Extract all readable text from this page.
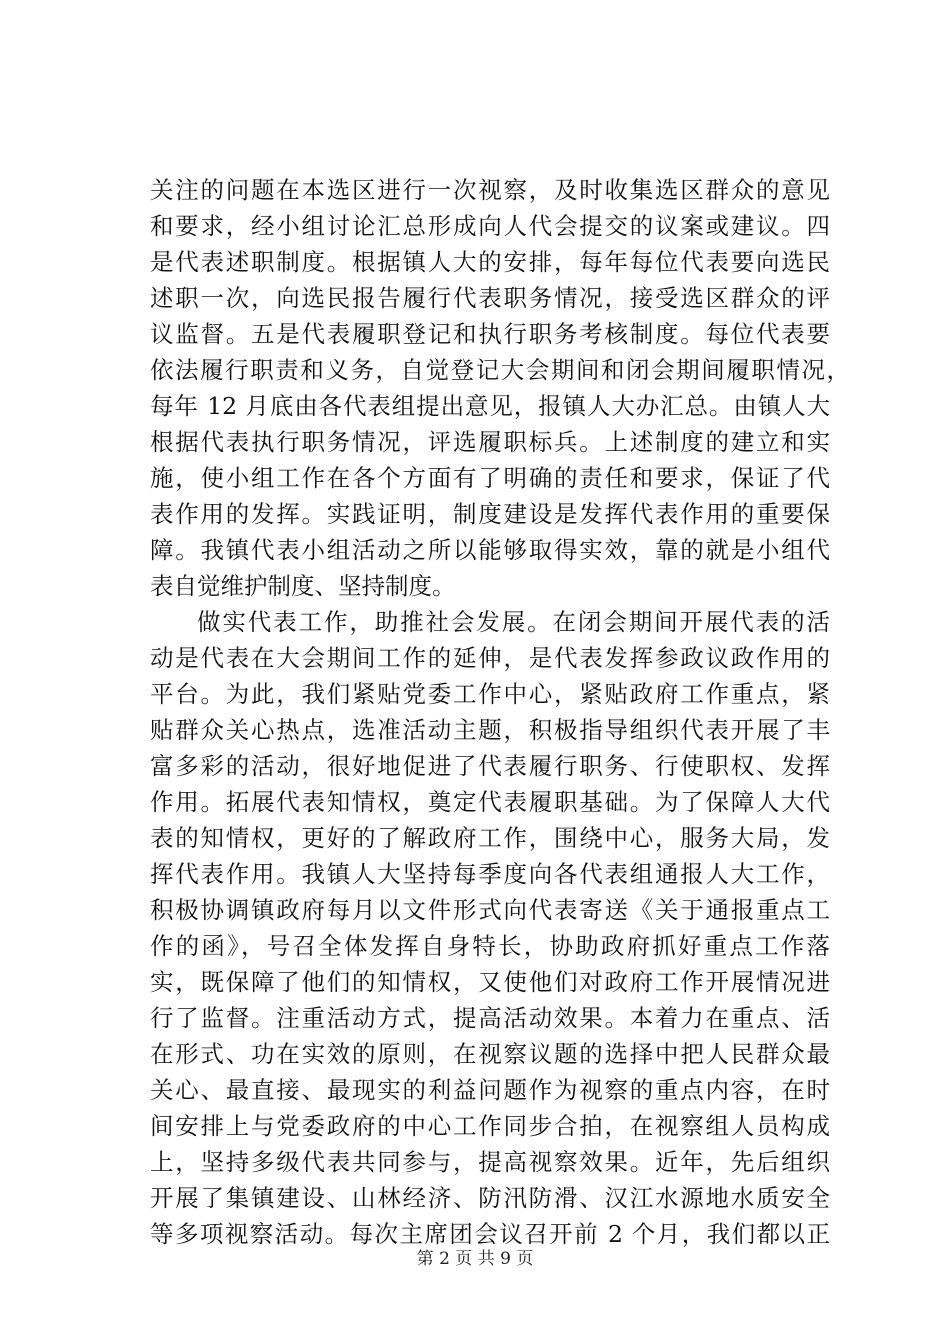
关注的问题在本选区进行一次视察，及时收集选区群众的意见
和要求，经小组讨论汇总形成向人代会提交的议案或建议。四
是代表述职制度。根据镇人大的安排，每年每位代表要向选民
述职一次，向选民报告履行代表职务情况，接受选区群众的评
议监督。五是代表履职登记和执行职务考核制度。每位代表要
依法履行职责和义务，自觉登记大会期间和闭会期间履职情况，
每年 12 月底由各代表组提出意见，报镇人大办汇总。由镇人大
根据代表执行职务情况，评选履职标兵。上述制度的建立和实
施，使小组工作在各个方面有了明确的责任和要求，保证了代
表作用的发挥。实践证明，制度建设是发挥代表作用的重要保
障。我镇代表小组活动之所以能够取得实效，靠的就是小组代
表自觉维护制度、坚持制度。
做实代表工作，助推社会发展。在闭会期间开展代表的活
动是代表在大会期间工作的延伸，是代表发挥参政议政作用的
平台。为此，我们紧贴党委工作中心，紧贴政府工作重点，紧
贴群众关心热点，选准活动主题，积极指导组织代表开展了丰
富多彩的活动，很好地促进了代表履行职务、行使职权、发挥
作用。拓展代表知情权，奠定代表履职基础。为了保障人大代
表的知情权，更好的了解政府工作，围绕中心，服务大局，发
挥代表作用。我镇人大坚持每季度向各代表组通报人大工作，
积极协调镇政府每月以文件形式向代表寄送《关于通报重点工
作的函》，号召全体发挥自身特长，协助政府抓好重点工作落
实，既保障了他们的知情权，又使他们对政府工作开展情况进
行了监督。注重活动方式，提高活动效果。本着力在重点、活
在形式、功在实效的原则，在视察议题的选择中把人民群众最
关心、最直接、最现实的利益问题作为视察的重点内容，在时
间安排上与党委政府的中心工作同步合拍，在视察组人员构成
上，坚持多级代表共同参与，提高视察效果。近年，先后组织
开展了集镇建设、山林经济、防汛防滑、汉江水源地水质安全
等多项视察活动。每次主席团会议召开前 2 个月，我们都以正
第 2 页 共 9 页
